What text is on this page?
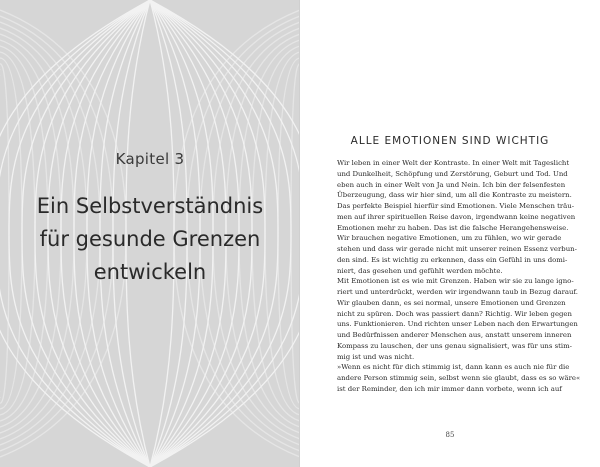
Kapitel 3
Ein Selbstverständnis
für gesunde Grenzen
entwickeln
ALLE EMOTIONEN SIND WICHTIG
Wir leben in einer Welt der Kontraste. In einer Welt mit Tageslicht
und Dunkelheit, Schöpfung und Zerstörung, Geburt und Tod. Und
eben auch in einer Welt von Ja und Nein. Ich bin der felsenfesten
Überzeugung, dass wir hier sind, um all die Kontraste zu meistern.
Das perfekte Beispiel hierfür sind Emotionen. Viele Menschen träu-
men auf ihrer spirituellen Reise davon, irgendwann keine negativen
Emotionen mehr zu haben. Das ist die falsche Herangehensweise.
Wir brauchen negative Emotionen, um zu fühlen, wo wir gerade
stehen und dass wir gerade nicht mit unserer reinen Essenz verbun-
den sind. Es ist wichtig zu erkennen, dass ein Gefühl in uns domi-
niert, das gesehen und gefühlt werden möchte.
Mit Emotionen ist es wie mit Grenzen. Haben wir sie zu lange igno-
riert und unterdrückt, werden wir irgendwann taub in Bezug darauf.
Wir glauben dann, es sei normal, unsere Emotionen und Grenzen
nicht zu spüren. Doch was passiert dann? Richtig. Wir leben gegen
uns. Funktionieren. Und richten unser Leben nach den Erwartungen
und Bedürfnissen anderer Menschen aus, anstatt unserem inneren
Kompass zu lauschen, der uns genau signalisiert, was für uns stim-
mig ist und was nicht.
»Wenn es nicht für dich stimmig ist, dann kann es auch nie für die
andere Person stimmig sein, selbst wenn sie glaubt, dass es so wäre«
ist der Reminder, den ich mir immer dann vorbete, wenn ich auf
85
